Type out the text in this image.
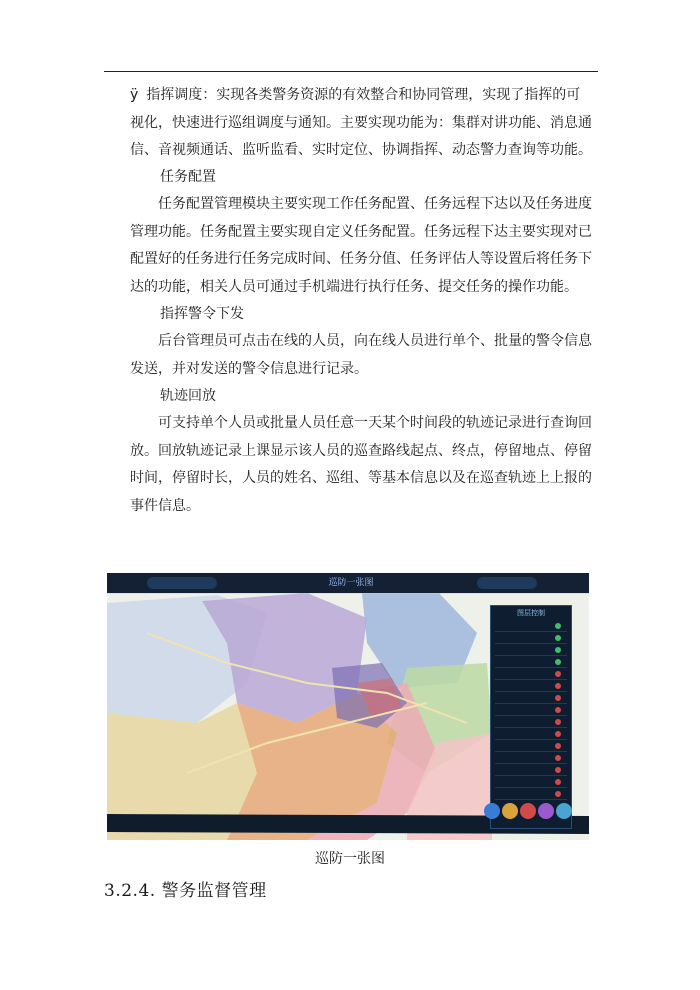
ÿ 指挥调度：实现各类警务资源的有效整合和协同管理，实现了指挥的可
视化，快速进行巡组调度与通知。主要实现功能为：集群对讲功能、消息通信、音视频通话、监听监看、实时定位、协调指挥、动态警力查询等功能。
任务配置

任务配置管理模块主要实现工作任务配置、任务远程下达以及任务进度管理功能。任务配置主要实现自定义任务配置。任务远程下达主要实现对已配置好的任务进行任务完成时间、任务分值、任务评估人等设置后将任务下达的功能，相关人员可通过手机端进行执行任务、提交任务的操作功能。

指挥警令下发

后台管理员可点击在线的人员，向在线人员进行单个、批量的警令信息发送，并对发送的警令信息进行记录。

轨迹回放

可支持单个人员或批量人员任意一天某个时间段的轨迹记录进行查询回放。回放轨迹记录上课显示该人员的巡查路线起点、终点，停留地点、停留时间，停留时长，人员的姓名、巡组、等基本信息以及在巡查轨迹上上报的事件信息。

巡防一张图
图层控制
巡防一张图
3.2.4. 警务监督管理
